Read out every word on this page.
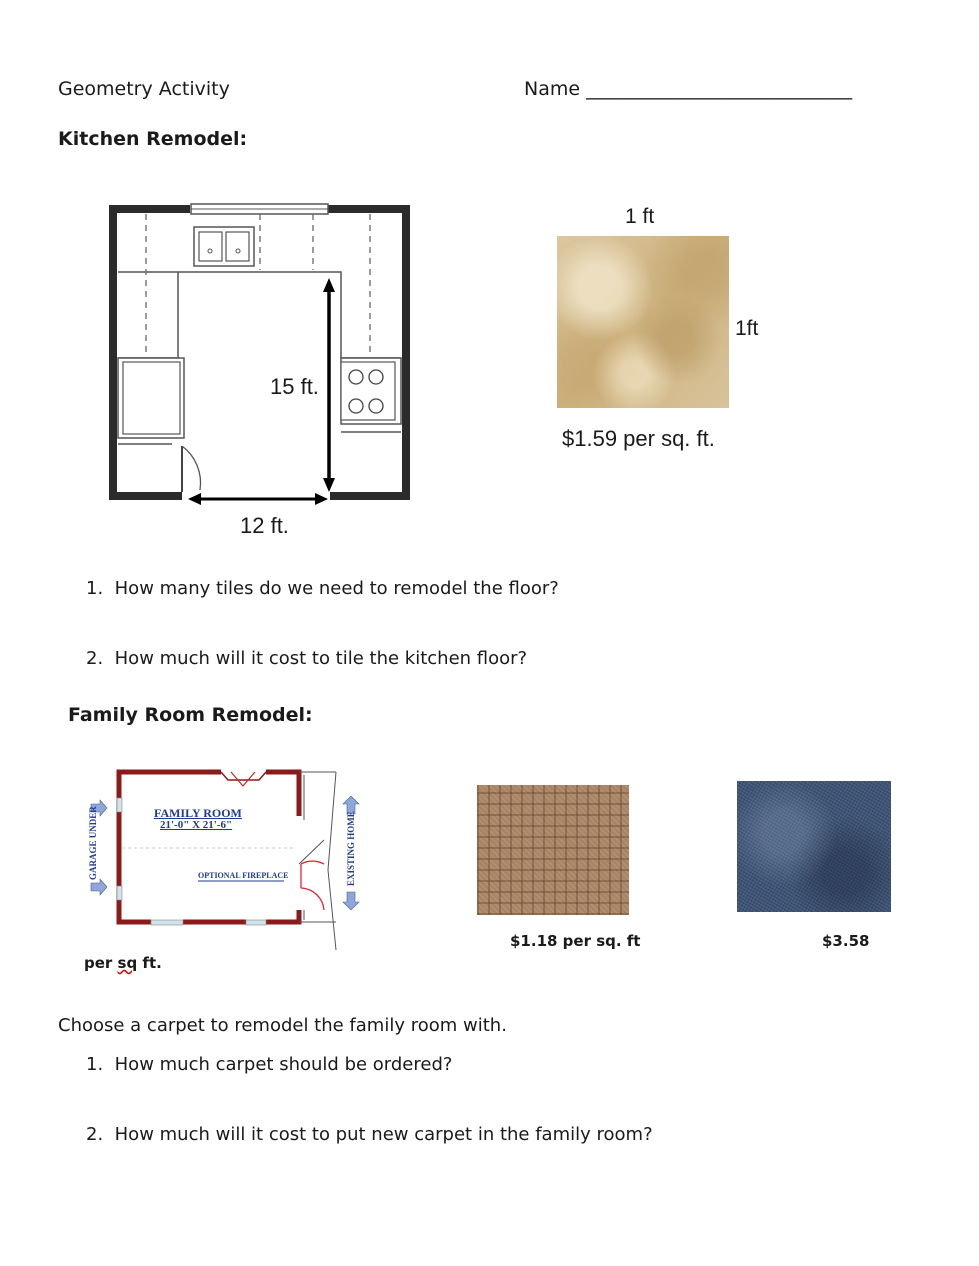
Geometry Activity	Name ____________________________
Kitchen Remodel:
15 ft.
12 ft.
1 ft
1ft
$1.59 per sq. ft.
1. How many tiles do we need to remodel the floor?
2. How much will it cost to tile the kitchen floor?
Family Room Remodel:
FAMILY ROOM
21'-0" X 21'-6"
OPTIONAL FIREPLACE
GARAGE UNDER	EXISTING HOME
$1.18 per sq. ft	$3.58
per sq ft.
Choose a carpet to remodel the family room with.
1. How much carpet should be ordered?
2. How much will it cost to put new carpet in the family room?
